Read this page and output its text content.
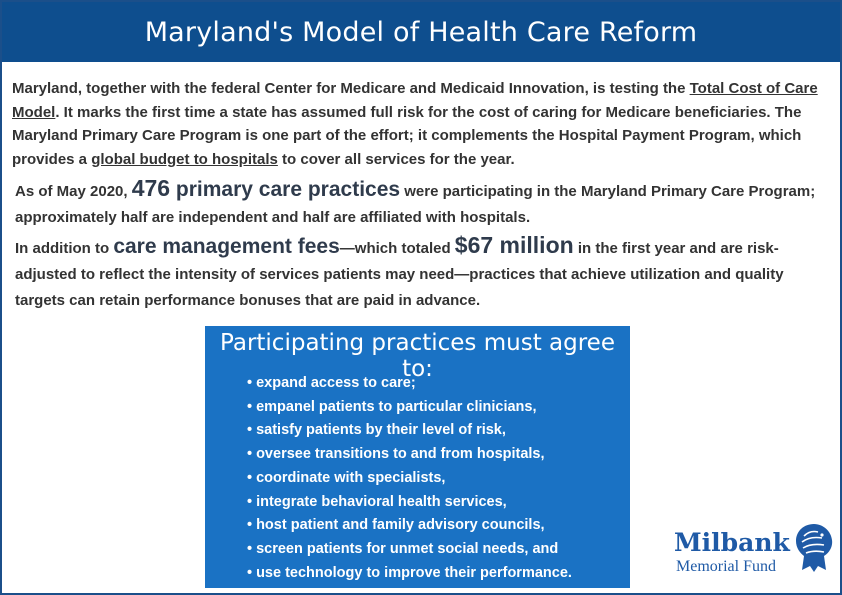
Maryland's Model of Health Care Reform
Maryland, together with the federal Center for Medicare and Medicaid Innovation, is testing the Total Cost of Care Model. It marks the first time a state has assumed full risk for the cost of caring for Medicare beneficiaries. The Maryland Primary Care Program is one part of the effort; it complements the Hospital Payment Program, which provides a global budget to hospitals to cover all services for the year.
As of May 2020, 476 primary care practices were participating in the Maryland Primary Care Program; approximately half are independent and half are affiliated with hospitals.
In addition to care management fees—which totaled $67 million in the first year and are risk-adjusted to reflect the intensity of services patients may need—practices that achieve utilization and quality targets can retain performance bonuses that are paid in advance.
Participating practices must agree to:
• expand access to care;
• empanel patients to particular clinicians,
• satisfy patients by their level of risk,
• oversee transitions to and from hospitals,
• coordinate with specialists,
• integrate behavioral health services,
• host patient and family advisory councils,
• screen patients for unmet social needs, and
• use technology to improve their performance.
Milbank
Memorial Fund
